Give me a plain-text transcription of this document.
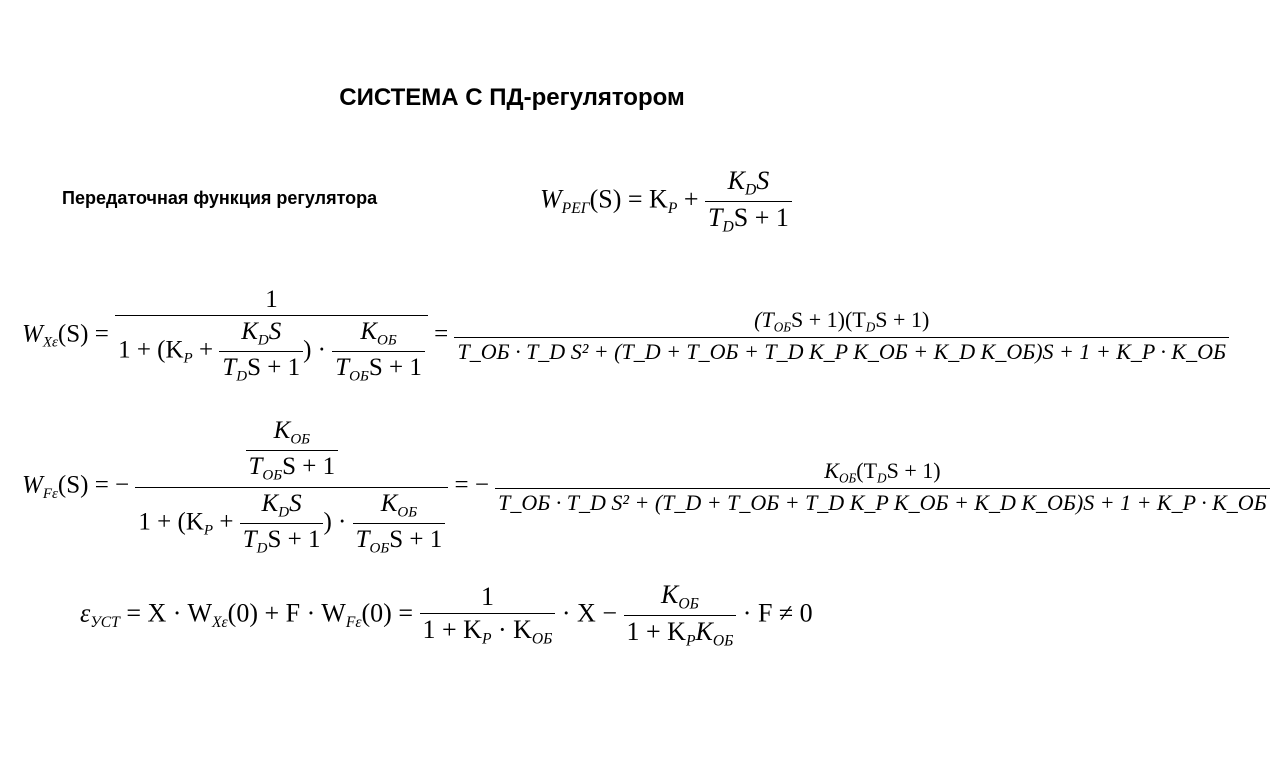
СИСТЕМА С ПД-регулятором
Передаточная функция регулятора	$W_{РЕГ}(S) = K_P + \frac{K_DS}{T_DS + 1}$
$W_{X\varepsilon}(S) = \frac{1}{1 + (K_P + \frac{K_DS}{T_DS + 1} ) \cdot \frac{K_{ОБ}}{T_{ОБ}S + 1}}$ =
$(T_{ОБ}S + 1)(T_DS + 1)$
T_ОБ · T_D S² + (T_D + T_ОБ + T_D K_P K_ОБ + K_D K_ОБ)S + 1 + K_P · K_ОБ
$W_{F\varepsilon}(S)$ = − $\frac{\frac{K_{ОБ}}{T_{ОБ}S + 1}}{1 + (K_P + \frac{K_DS}{T_DS + 1} ) \cdot \frac{K_{ОБ}}{T_{ОБ}S + 1}}$ = −
$K_{ОБ}(T_DS + 1)$
T_ОБ · T_D S² + (T_D + T_ОБ + T_D K_P K_ОБ + K_D K_ОБ)S + 1 + K_P · K_ОБ
$\varepsilon_{УСТ} = X \cdot W_{X\varepsilon}(0) + F \cdot W_{F\varepsilon}(0) = \frac{1}{1 + K_P \cdot K_{ОБ}} \cdot X - \frac{K_{ОБ}}{1 + K_PK_{ОБ}} \cdot F \ne 0$
